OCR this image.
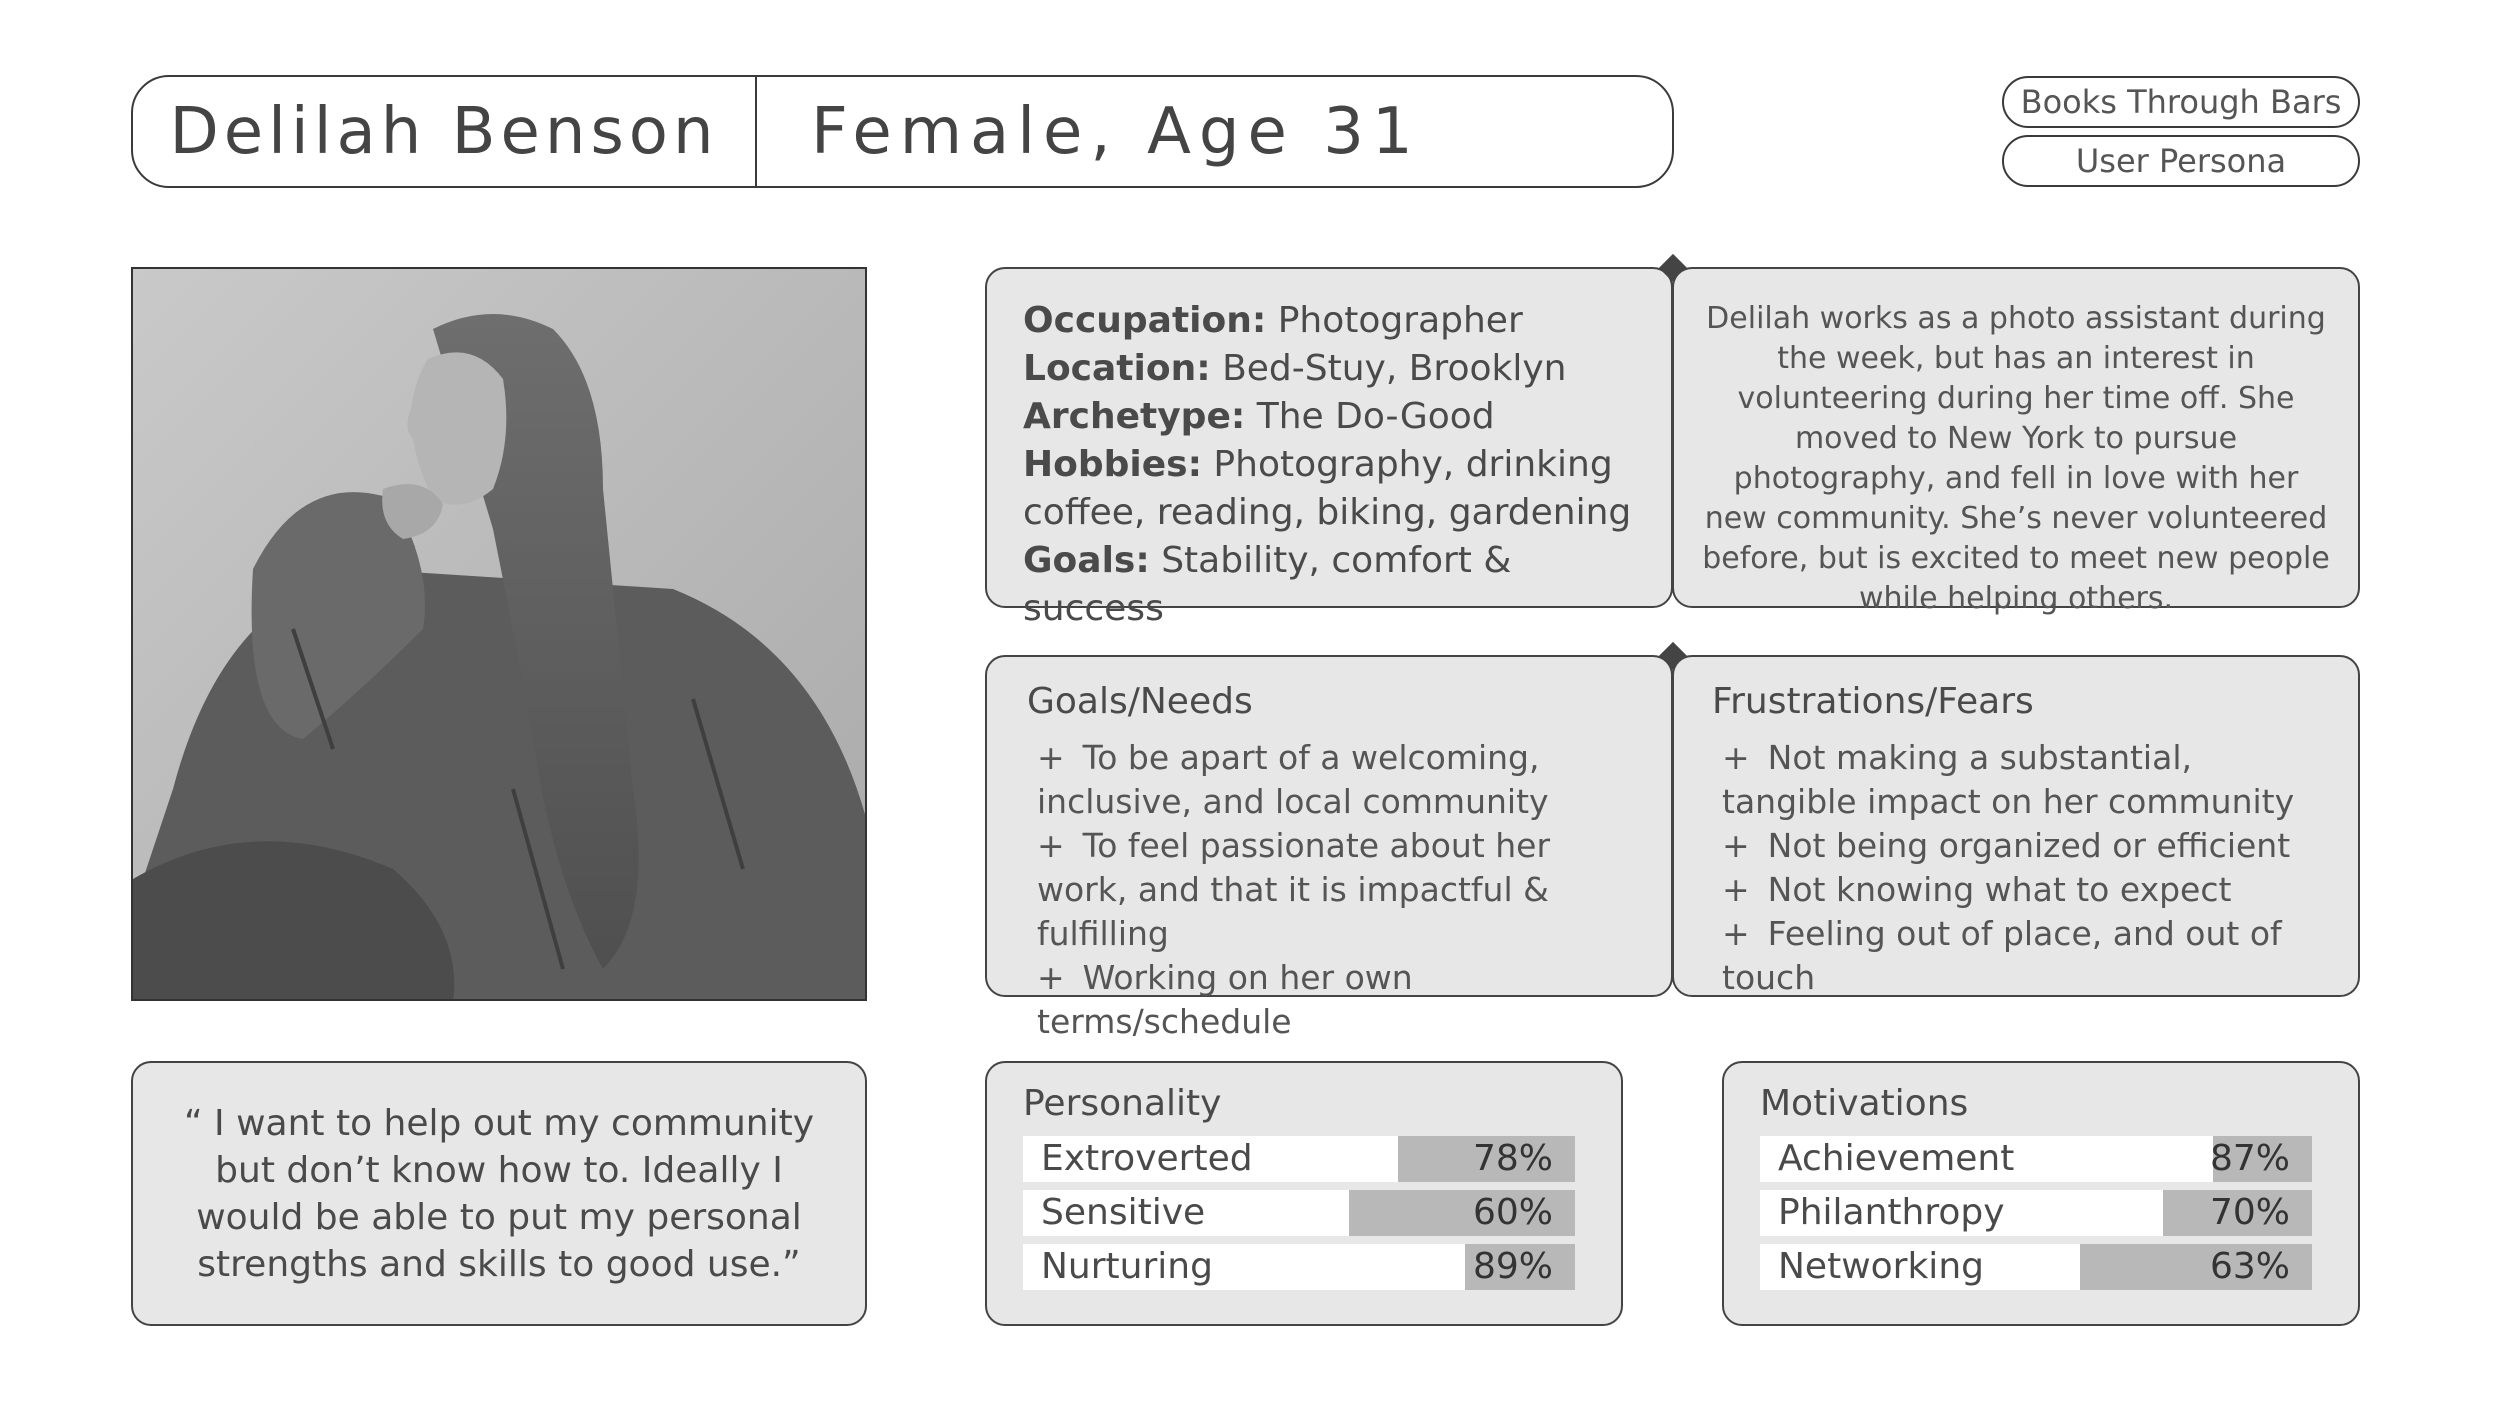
Delilah Benson	Female, Age 31	Books Through Bars
User Persona
Occupation: Photographer
Location: Bed-Stuy, Brooklyn
Archetype: The Do-Good
Hobbies: Photography, drinking coffee, reading, biking, gardening
Goals: Stability, comfort & success
Delilah works as a photo assistant during the week, but has an interest in volunteering during her time off. She moved to New York to pursue photography, and fell in love with her new community. She’s never volunteered before, but is excited to meet new people while helping others.
Goals/Needs
+ To be apart of a welcoming, inclusive, and local community
+ To feel passionate about her work, and that it is impactful & fulfilling
+ Working on her own terms/schedule
Frustrations/Fears
+ Not making a substantial, tangible impact on her community
+ Not being organized or efficient
+ Not knowing what to expect
+ Feeling out of place, and out of touch
“ I want to help out my community but don’t know how to. Ideally I would be able to put my personal strengths and skills to good use.”
Personality
Extroverted	78%
Sensitive	60%
Nurturing	89%
Motivations
Achievement	87%
Philanthropy	70%
Networking	63%
